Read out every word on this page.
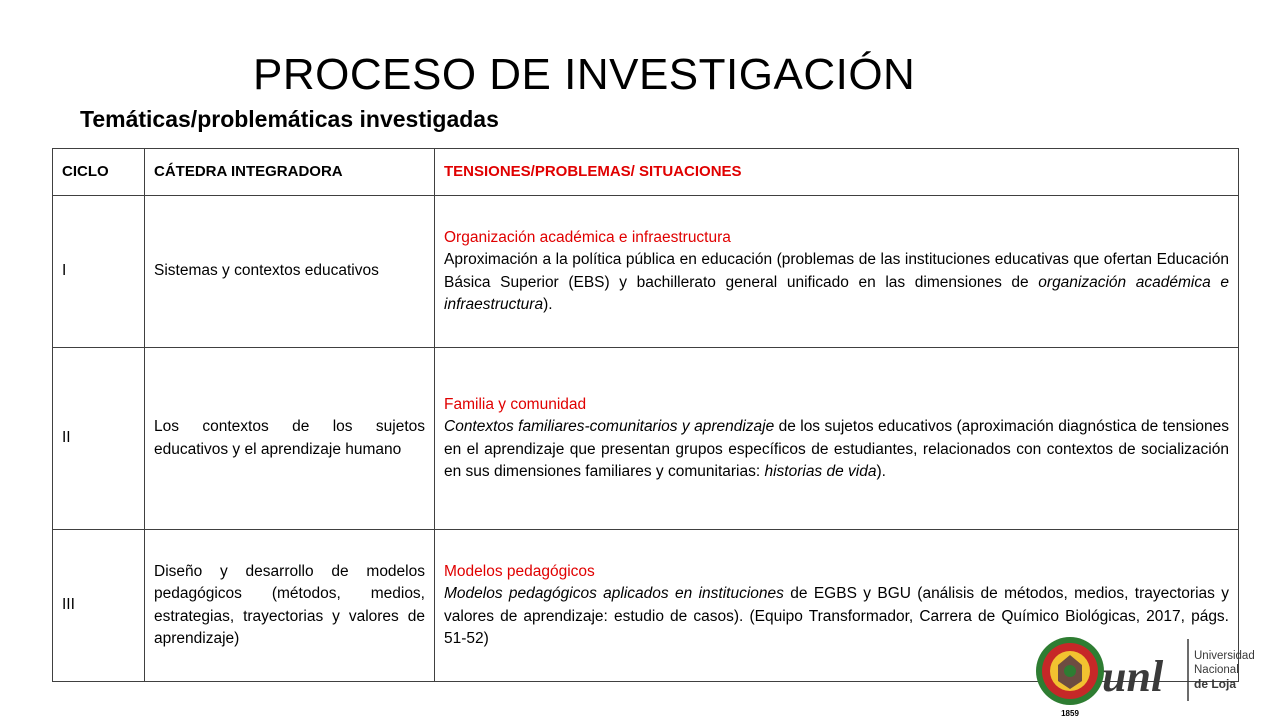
PROCESO DE INVESTIGACIÓN
Temáticas/problemáticas investigadas
CICLO	CÁTEDRA INTEGRADORA	TENSIONES/PROBLEMAS/ SITUACIONES
I	Sistemas y contextos educativos	Organización académica e infraestructura
Aproximación a la política pública en educación (problemas de las instituciones educativas que ofertan Educación Básica Superior (EBS) y bachillerato general unificado en las dimensiones de organización académica e infraestructura).

II	Los contextos de los sujetos educativos y el aprendizaje humano	Familia y comunidad
Contextos familiares-comunitarios y aprendizaje de los sujetos educativos (aproximación diagnóstica de tensiones en el aprendizaje que presentan grupos específicos de estudiantes, relacionados con contextos de socialización en sus dimensiones familiares y comunitarias: historias de vida).

III	Diseño y desarrollo de modelos pedagógicos (métodos, medios, estrategias, trayectorias y valores de aprendizaje)	Modelos pedagógicos
Modelos pedagógicos aplicados en instituciones de EGBS y BGU (análisis de métodos, medios, trayectorias y valores de aprendizaje: estudio de casos). (Equipo Transformador, Carrera de Químico Biológicas, 2017, págs. 51-52)
1859
unl	Universidad
Nacional
de Loja
